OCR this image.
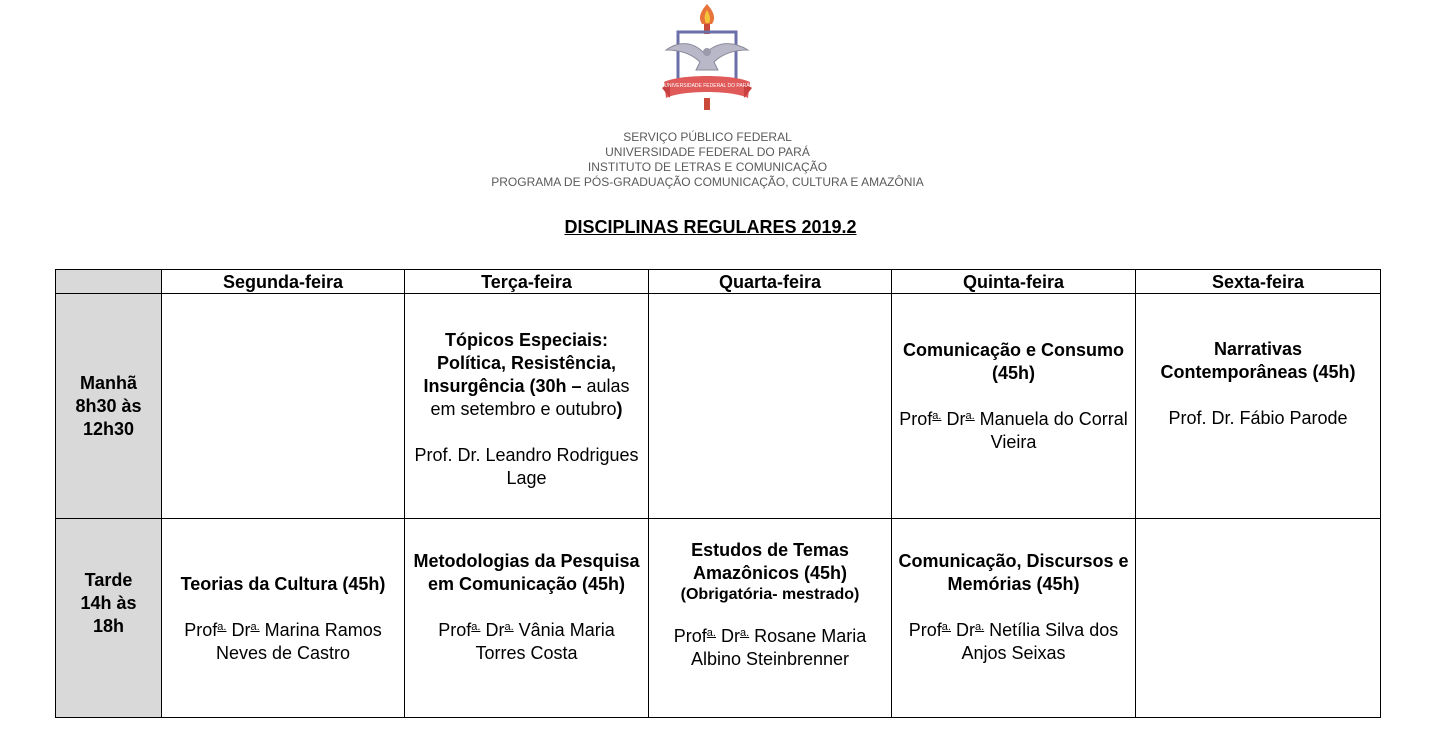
UNIVERSIDADE FEDERAL DO PARÁ
SERVIÇO PÚBLICO FEDERAL
UNIVERSIDADE FEDERAL DO PARÁ
INSTITUTO DE LETRAS E COMUNICAÇÃO
PROGRAMA DE PÓS-GRADUAÇÃO COMUNICAÇÃO, CULTURA E AMAZÔNIA
DISCIPLINAS REGULARES 2019.2
	Segunda-feira	Terça-feira	Quarta-feira	Quinta-feira	Sexta-feira

Manhã
8h30 às
12h30		Tópicos Especiais: Política, Resistência, Insurgência (30h – aulas em setembro e outubro)
Prof. Dr. Leandro Rodrigues Lage		Comunicação e Consumo (45h)
Prof$^{a.}$ $Dr^{a.}$ Manuela do Corral Vieira	Narrativas Contemporâneas (45h)
Prof. Dr. Fábio Parode

Tarde
14h às
18h	Teorias da Cultura (45h)
Prof$^{a.}$ $Dr^{a.}$ Marina Ramos Neves de Castro	Metodologias da Pesquisa em Comunicação (45h)
Prof$^{a.}$ $Dr^{a.}$ Vânia Maria Torres Costa	Estudos de Temas Amazônicos (45h)
(Obrigatória- mestrado)
Prof$^{a.}$ $Dr^{a.}$ Rosane Maria Albino Steinbrenner	Comunicação, Discursos e Memórias (45h)
Prof$^{a.}$ $Dr^{a.}$ Netília Silva dos Anjos Seixas	
